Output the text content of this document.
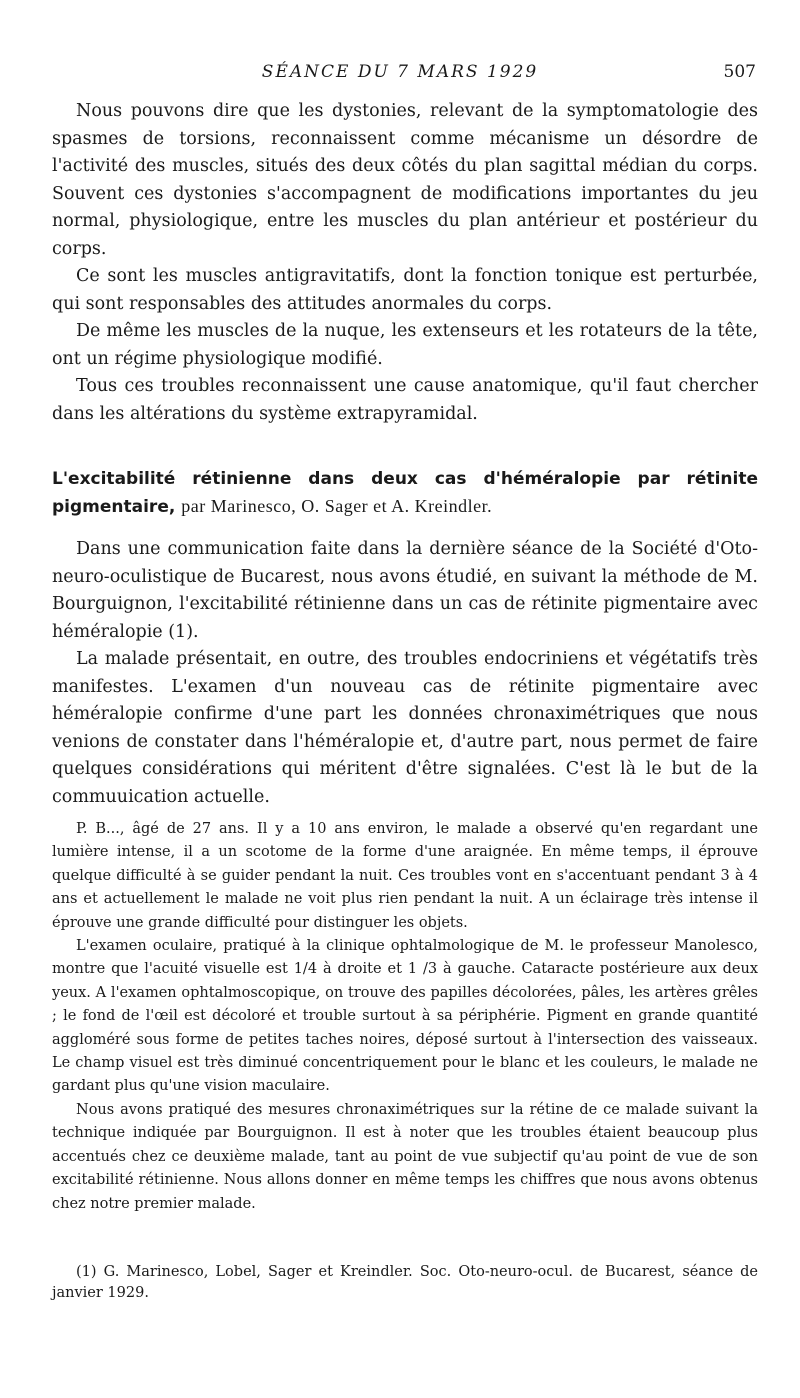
SÉANCE DU 7 MARS 1929	507

Nous pouvons dire que les dystonies, relevant de la symptomatologie des spasmes de torsions, reconnaissent comme mécanisme un désordre de l'activité des muscles, situés des deux côtés du plan sagittal médian du corps. Souvent ces dystonies s'accompagnent de modifications importantes du jeu normal, physiologique, entre les muscles du plan antérieur et postérieur du corps.

Ce sont les muscles antigravitatifs, dont la fonction tonique est perturbée, qui sont responsables des attitudes anormales du corps.

De même les muscles de la nuque, les extenseurs et les rotateurs de la tête, ont un régime physiologique modifié.

Tous ces troubles reconnaissent une cause anatomique, qu'il faut chercher dans les altérations du système extrapyramidal.

L'excitabilité rétinienne dans deux cas d'héméralopie par rétinite pigmentaire, par Marinesco, O. Sager et A. Kreindler.

Dans une communication faite dans la dernière séance de la Société d'Oto-neuro-oculistique de Bucarest, nous avons étudié, en suivant la méthode de M. Bourguignon, l'excitabilité rétinienne dans un cas de rétinite pigmentaire avec héméralopie (1).

La malade présentait, en outre, des troubles endocriniens et végétatifs très manifestes. L'examen d'un nouveau cas de rétinite pigmentaire avec héméralopie confirme d'une part les données chronaximétriques que nous venions de constater dans l'héméralopie et, d'autre part, nous permet de faire quelques considérations qui méritent d'être signalées. C'est là le but de la commuuication actuelle.

P. B..., âgé de 27 ans. Il y a 10 ans environ, le malade a observé qu'en regardant une lumière intense, il a un scotome de la forme d'une araignée. En même temps, il éprouve quelque difficulté à se guider pendant la nuit. Ces troubles vont en s'accentuant pendant 3 à 4 ans et actuellement le malade ne voit plus rien pendant la nuit. A un éclairage très intense il éprouve une grande difficulté pour distinguer les objets.

L'examen oculaire, pratiqué à la clinique ophtalmologique de M. le professeur Manolesco, montre que l'acuité visuelle est 1/4 à droite et 1 /3 à gauche. Cataracte postérieure aux deux yeux. A l'examen ophtalmoscopique, on trouve des papilles décolorées, pâles, les artères grêles ; le fond de l'œil est décoloré et trouble surtout à sa périphérie. Pigment en grande quantité aggloméré sous forme de petites taches noires, déposé surtout à l'intersection des vaisseaux. Le champ visuel est très diminué concentriquement pour le blanc et les couleurs, le malade ne gardant plus qu'une vision maculaire.

Nous avons pratiqué des mesures chronaximétriques sur la rétine de ce malade suivant la technique indiquée par Bourguignon. Il est à noter que les troubles étaient beaucoup plus accentués chez ce deuxième malade, tant au point de vue subjectif qu'au point de vue de son excitabilité rétinienne. Nous allons donner en même temps les chiffres que nous avons obtenus chez notre premier malade.

(1) G. Marinesco, Lobel, Sager et Kreindler. Soc. Oto-neuro-ocul. de Bucarest, séance de janvier 1929.
